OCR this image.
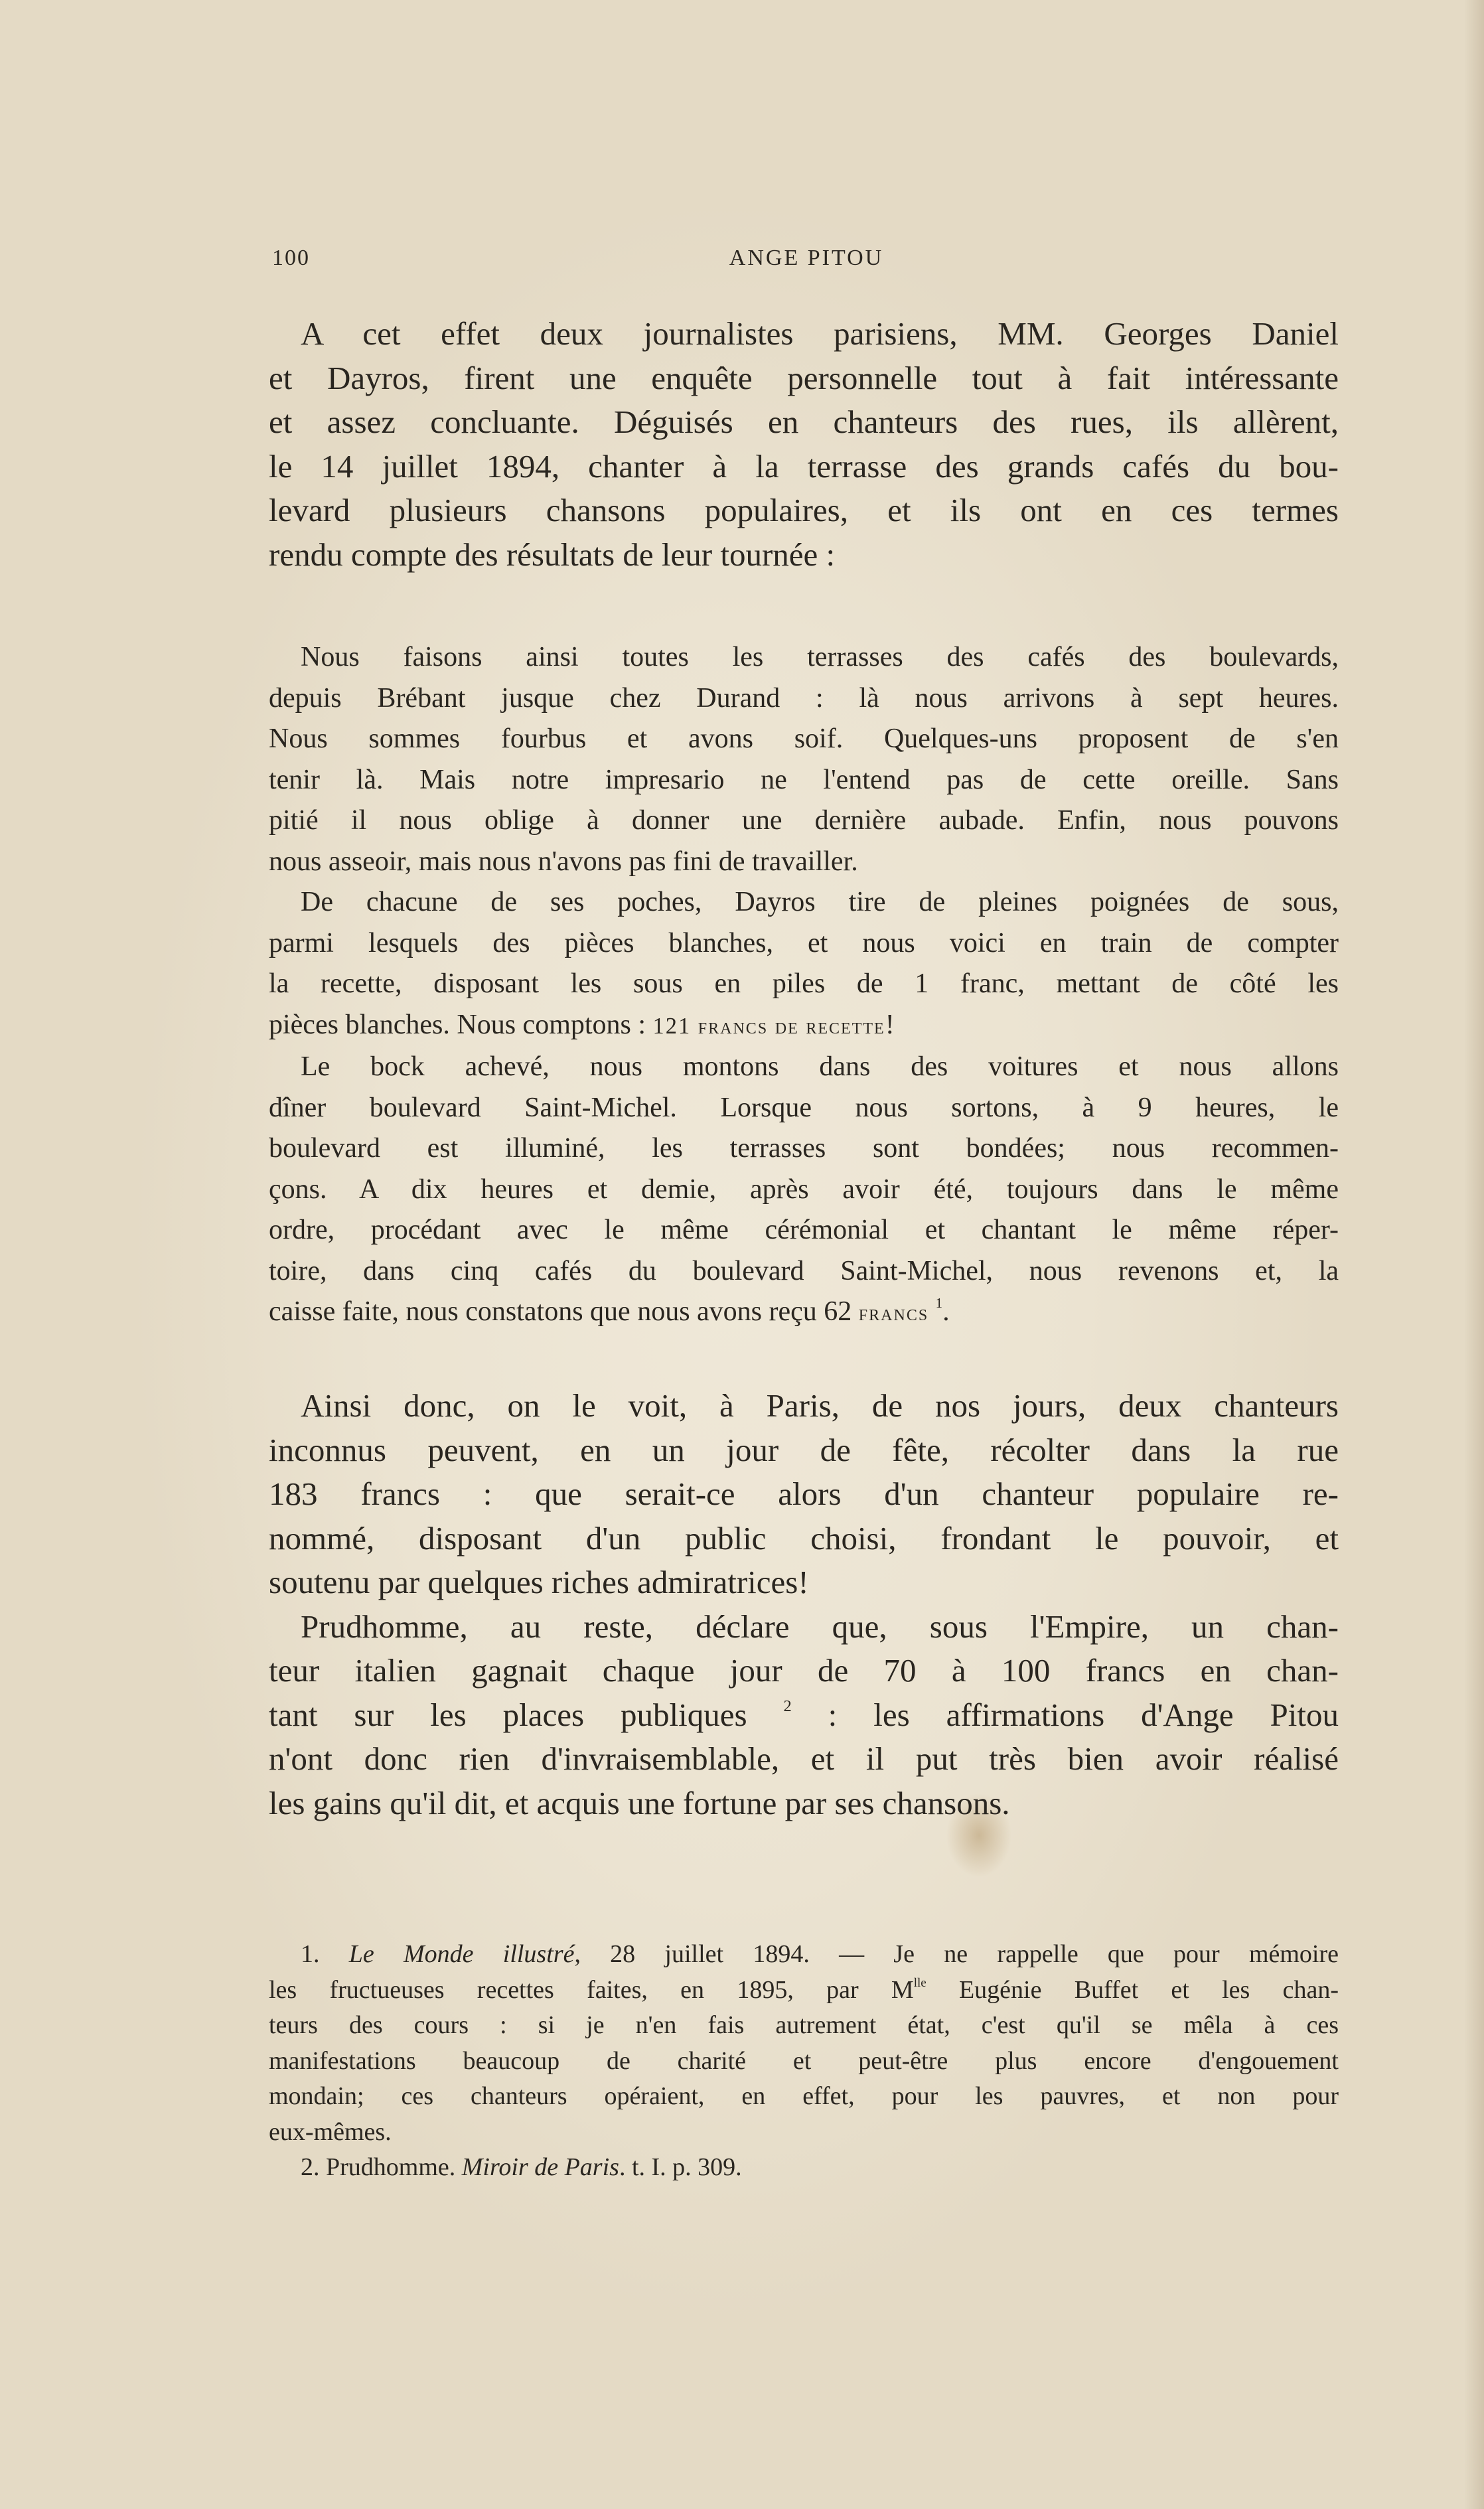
100	ANGE PITOU
A cet effet deux journalistes parisiens, MM. Georges Daniel
et Dayros, firent une enquête personnelle tout à fait intéressante
et assez concluante. Déguisés en chanteurs des rues, ils allèrent,
le 14 juillet 1894, chanter à la terrasse des grands cafés du bou-
levard plusieurs chansons populaires, et ils ont en ces termes
rendu compte des résultats de leur tournée :
Nous faisons ainsi toutes les terrasses des cafés des boulevards,
depuis Brébant jusque chez Durand : là nous arrivons à sept heures.
Nous sommes fourbus et avons soif. Quelques-uns proposent de s'en
tenir là. Mais notre impresario ne l'entend pas de cette oreille. Sans
pitié il nous oblige à donner une dernière aubade. Enfin, nous pouvons
nous asseoir, mais nous n'avons pas fini de travailler.
De chacune de ses poches, Dayros tire de pleines poignées de sous,
parmi lesquels des pièces blanches, et nous voici en train de compter
la recette, disposant les sous en piles de 1 franc, mettant de côté les
pièces blanches. Nous comptons : 121 francs de recette!
Le bock achevé, nous montons dans des voitures et nous allons
dîner boulevard Saint-Michel. Lorsque nous sortons, à 9 heures, le
boulevard est illuminé, les terrasses sont bondées; nous recommen-
çons. A dix heures et demie, après avoir été, toujours dans le même
ordre, procédant avec le même cérémonial et chantant le même réper-
toire, dans cinq cafés du boulevard Saint-Michel, nous revenons et, la
caisse faite, nous constatons que nous avons reçu 62 francs $^1$.
Ainsi donc, on le voit, à Paris, de nos jours, deux chanteurs
inconnus peuvent, en un jour de fête, récolter dans la rue
183 francs : que serait-ce alors d'un chanteur populaire re-
nommé, disposant d'un public choisi, frondant le pouvoir, et
soutenu par quelques riches admiratrices!
Prudhomme, au reste, déclare que, sous l'Empire, un chan-
teur italien gagnait chaque jour de 70 à 100 francs en chan-
tant sur les places publiques $^2$ : les affirmations d'Ange Pitou
n'ont donc rien d'invraisemblable, et il put très bien avoir réalisé
les gains qu'il dit, et acquis une fortune par ses chansons.
1. Le Monde illustré, 28 juillet 1894. — Je ne rappelle que pour mémoire
les fructueuses recettes faites, en 1895, par $M^{lle}$ Eugénie Buffet et les chan-
teurs des cours : si je n'en fais autrement état, c'est qu'il se mêla à ces
manifestations beaucoup de charité et peut-être plus encore d'engouement
mondain; ces chanteurs opéraient, en effet, pour les pauvres, et non pour
eux-mêmes.
2. Prudhomme. Miroir de Paris. t. I. p. 309.
